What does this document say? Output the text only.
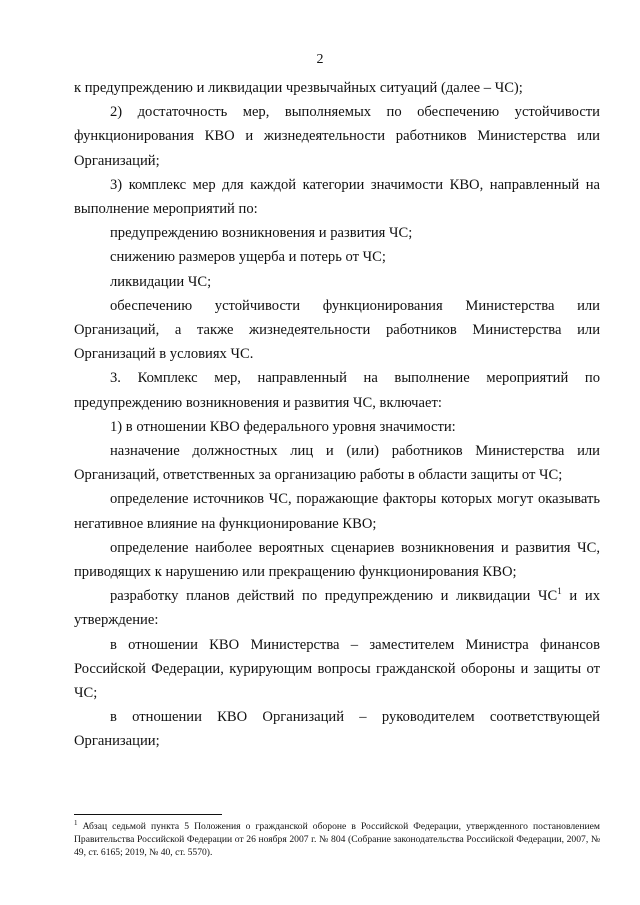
2

к предупреждению и ликвидации чрезвычайных ситуаций (далее – ЧС);

2) достаточность мер, выполняемых по обеспечению устойчивости функционирования КВО и жизнедеятельности работников Министерства или Организаций;

3) комплекс мер для каждой категории значимости КВО, направленный на выполнение мероприятий по:

предупреждению возникновения и развития ЧС;

снижению размеров ущерба и потерь от ЧС;

ликвидации ЧС;

обеспечению устойчивости функционирования Министерства или Организаций, а также жизнедеятельности работников Министерства или Организаций в условиях ЧС.

3. Комплекс мер, направленный на выполнение мероприятий по предупреждению возникновения и развития ЧС, включает:

1) в отношении КВО федерального уровня значимости:

назначение должностных лиц и (или) работников Министерства или Организаций, ответственных за организацию работы в области защиты от ЧС;

определение источников ЧС, поражающие факторы которых могут оказывать негативное влияние на функционирование КВО;

определение наиболее вероятных сценариев возникновения и развития ЧС, приводящих к нарушению или прекращению функционирования КВО;

разработку планов действий по предупреждению и ликвидации $ЧС^1$ и их утверждение:

в отношении КВО Министерства – заместителем Министра финансов Российской Федерации, курирующим вопросы гражданской обороны и защиты от ЧС;

в отношении КВО Организаций – руководителем соответствующей Организации;

$^1$ Абзац седьмой пункта 5 Положения о гражданской обороне в Российской Федерации, утвержденного постановлением Правительства Российской Федерации от 26 ноября 2007 г. № 804 (Собрание законодательства Российской Федерации, 2007, № 49, ст. 6165; 2019, № 40, ст. 5570).
